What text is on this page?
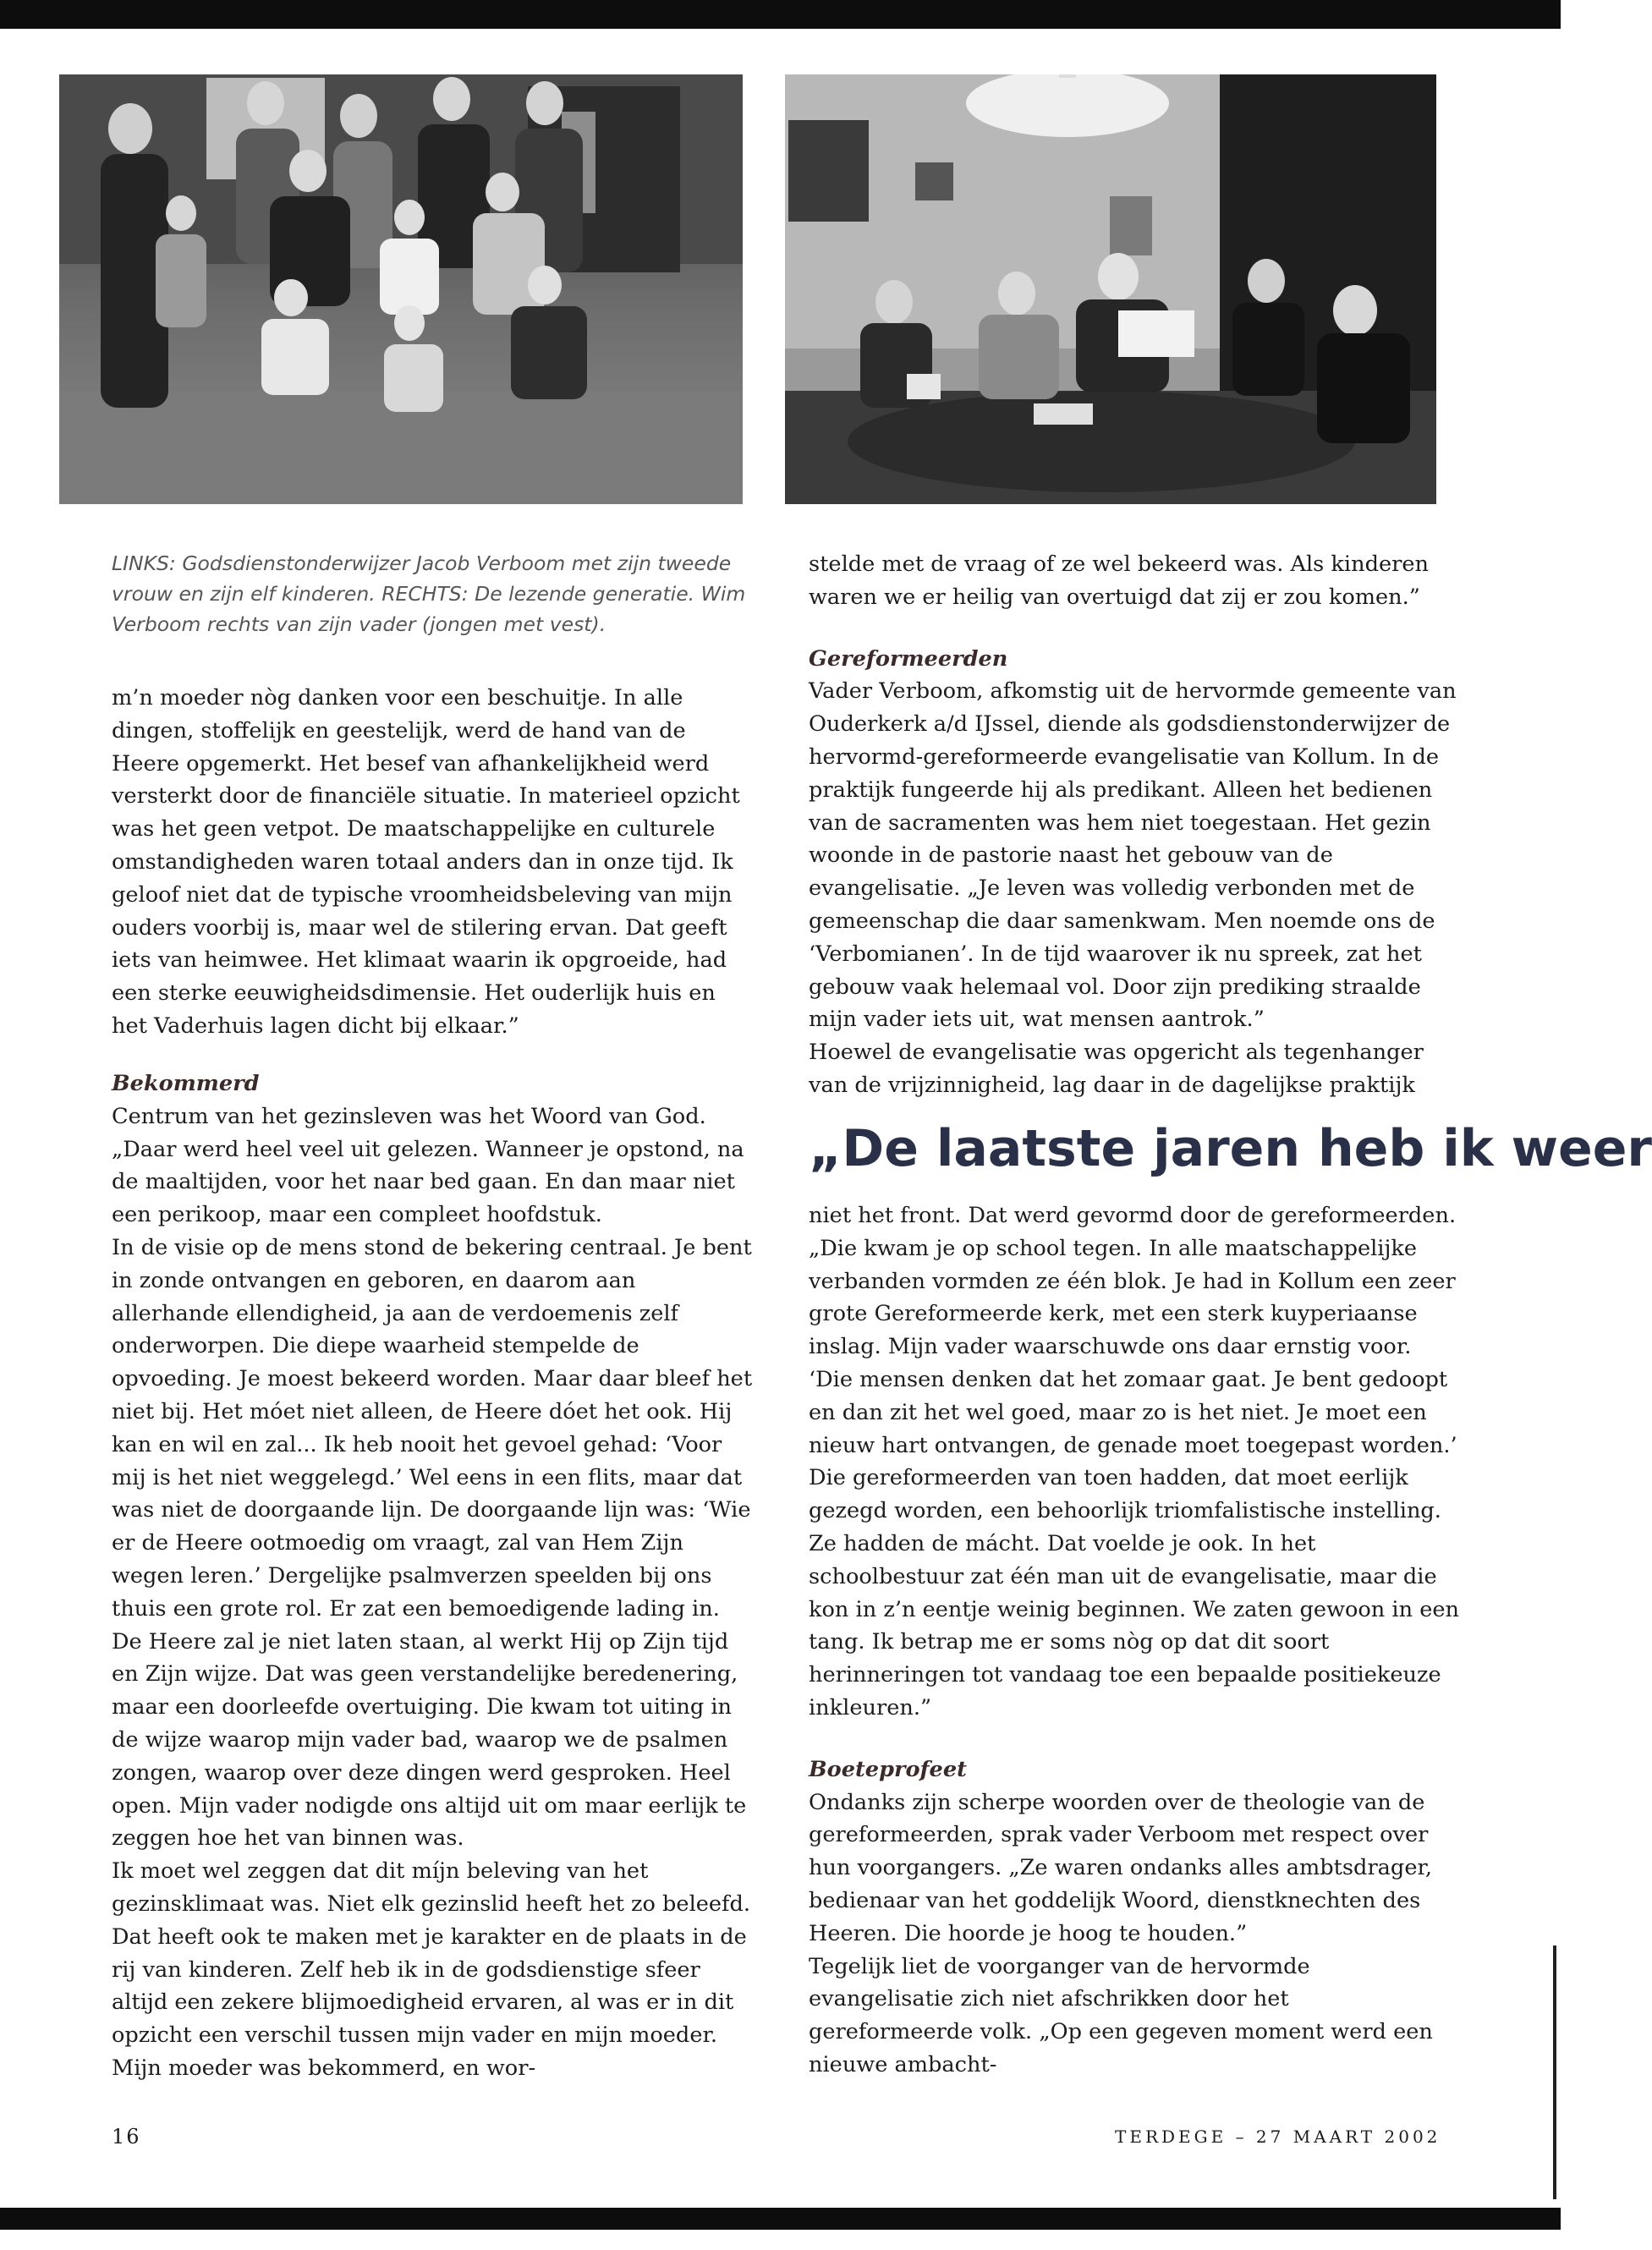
LINKS: Godsdienstonderwijzer Jacob Verboom met zijn tweede vrouw en zijn elf kinderen. RECHTS: De lezende generatie. Wim Verboom rechts van zijn vader (jongen met vest).

m’n moeder nòg danken voor een beschuitje. In alle dingen, stoffelijk en geestelijk, werd de hand van de Heere opgemerkt. Het besef van afhankelijkheid werd versterkt door de financiële situatie. In materieel opzicht was het geen vetpot. De maatschappelijke en culturele omstandigheden waren totaal anders dan in onze tijd. Ik geloof niet dat de typische vroomheidsbeleving van mijn ouders voorbij is, maar wel de stilering ervan. Dat geeft iets van heimwee. Het klimaat waarin ik opgroeide, had een sterke eeuwigheidsdimensie. Het ouderlijk huis en het Vaderhuis lagen dicht bij elkaar.”

Bekommerd

Centrum van het gezinsleven was het Woord van God. „Daar werd heel veel uit gelezen. Wanneer je opstond, na de maaltijden, voor het naar bed gaan. En dan maar niet een perikoop, maar een compleet hoofdstuk.

In de visie op de mens stond de bekering centraal. Je bent in zonde ontvangen en geboren, en daarom aan allerhande ellendigheid, ja aan de verdoemenis zelf onderworpen. Die diepe waarheid stempelde de opvoeding. Je moest bekeerd worden. Maar daar bleef het niet bij. Het móet niet alleen, de Heere dóet het ook. Hij kan en wil en zal... Ik heb nooit het gevoel gehad: ‘Voor mij is het niet weggelegd.’ Wel eens in een flits, maar dat was niet de doorgaande lijn. De doorgaande lijn was: ‘Wie er de Heere ootmoedig om vraagt, zal van Hem Zijn wegen leren.’ Dergelijke psalmverzen speelden bij ons thuis een grote rol. Er zat een bemoedigende lading in. De Heere zal je niet laten staan, al werkt Hij op Zijn tijd en Zijn wijze. Dat was geen verstandelijke beredenering, maar een doorleefde overtuiging. Die kwam tot uiting in de wijze waarop mijn vader bad, waarop we de psalmen zongen, waarop over deze dingen werd gesproken. Heel open. Mijn vader nodigde ons altijd uit om maar eerlijk te zeggen hoe het van binnen was.

Ik moet wel zeggen dat dit míjn beleving van het gezinsklimaat was. Niet elk gezinslid heeft het zo beleefd. Dat heeft ook te maken met je karakter en de plaats in de rij van kinderen. Zelf heb ik in de godsdienstige sfeer altijd een zekere blijmoedigheid ervaren, al was er in dit opzicht een verschil tussen mijn vader en mijn moeder. Mijn moeder was bekommerd, en wor-

stelde met de vraag of ze wel bekeerd was. Als kinderen waren we er heilig van overtuigd dat zij er zou komen.”

Gereformeerden

Vader Verboom, afkomstig uit de hervormde gemeente van Ouderkerk a/d IJssel, diende als godsdienstonderwijzer de hervormd-gereformeerde evangelisatie van Kollum. In de praktijk fungeerde hij als predikant. Alleen het bedienen van de sacramenten was hem niet toegestaan. Het gezin woonde in de pastorie naast het gebouw van de evangelisatie. „Je leven was volledig verbonden met de gemeenschap die daar samenkwam. Men noemde ons de ‘Verbomianen’. In de tijd waarover ik nu spreek, zat het gebouw vaak helemaal vol. Door zijn prediking straalde mijn vader iets uit, wat mensen aantrok.”

Hoewel de evangelisatie was opgericht als tegenhanger van de vrijzinnigheid, lag daar in de dagelijkse praktijk

„De laatste jaren heb ik weer

niet het front. Dat werd gevormd door de gereformeerden. „Die kwam je op school tegen. In alle maatschappelijke verbanden vormden ze één blok. Je had in Kollum een zeer grote Gereformeerde kerk, met een sterk kuyperiaanse inslag. Mijn vader waarschuwde ons daar ernstig voor. ‘Die mensen denken dat het zomaar gaat. Je bent gedoopt en dan zit het wel goed, maar zo is het niet. Je moet een nieuw hart ontvangen, de genade moet toegepast worden.’

Die gereformeerden van toen hadden, dat moet eerlijk gezegd worden, een behoorlijk triomfalistische instelling. Ze hadden de mácht. Dat voelde je ook. In het schoolbestuur zat één man uit de evangelisatie, maar die kon in z’n eentje weinig beginnen. We zaten gewoon in een tang. Ik betrap me er soms nòg op dat dit soort herinneringen tot vandaag toe een bepaalde positiekeuze inkleuren.”

Boeteprofeet

Ondanks zijn scherpe woorden over de theologie van de gereformeerden, sprak vader Verboom met respect over hun voorgangers. „Ze waren ondanks alles ambtsdrager, bedienaar van het goddelijk Woord, dienstknechten des Heeren. Die hoorde je hoog te houden.”

Tegelijk liet de voorganger van de hervormde evangelisatie zich niet afschrikken door het gereformeerde volk. „Op een gegeven moment werd een nieuwe ambacht-

16	TERDEGE – 27 MAART 2002
